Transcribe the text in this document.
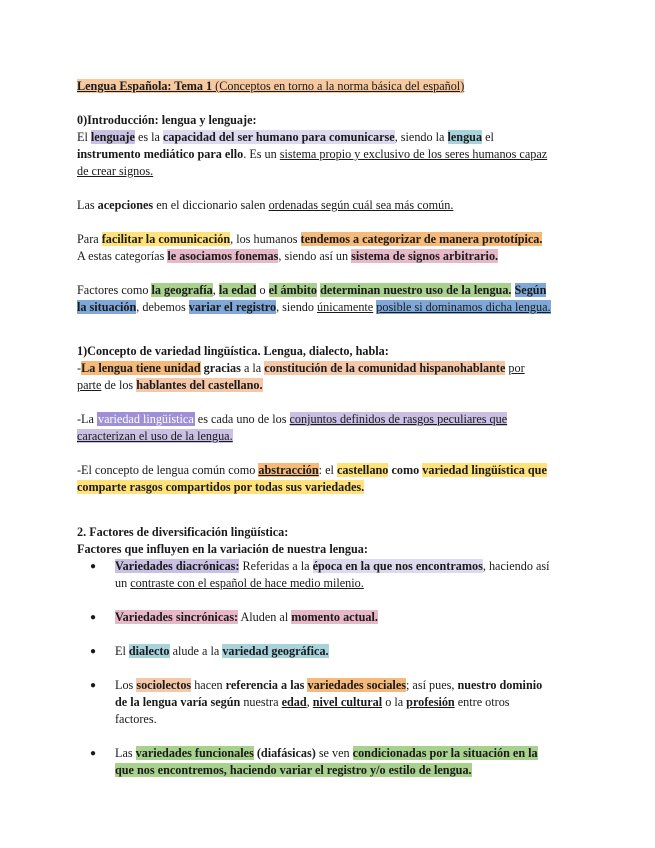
Lengua Española: Tema 1 (Conceptos en torno a la norma básica del español)

0)Introducción: lengua y lenguaje:

El lenguaje es la capacidad del ser humano para comunicarse, siendo la lengua el
instrumento mediático para ello. Es un sistema propio y exclusivo de los seres humanos capaz
de crear signos.

Las acepciones en el diccionario salen ordenadas según cuál sea más común.

Para facilitar la comunicación, los humanos tendemos a categorizar de manera prototípica.
A estas categorías le asociamos fonemas, siendo así un sistema de signos arbitrario.

Factores como la geografía, la edad o el ámbito determinan nuestro uso de la lengua. Según
la situación, debemos variar el registro, siendo únicamente posible si dominamos dicha lengua.

1)Concepto de variedad lingüística. Lengua, dialecto, habla:

-La lengua tiene unidad gracias a la constitución de la comunidad hispanohablante por
parte de los hablantes del castellano.

-La variedad lingüística es cada uno de los conjuntos definidos de rasgos peculiares que
caracterizan el uso de la lengua.

-El concepto de lengua común como abstracción: el castellano como variedad lingüística que
comparte rasgos compartidos por todas sus variedades.

2. Factores de diversificación lingüística:

Factores que influyen en la variación de nuestra lengua:

● Variedades diacrónicas: Referidas a la época en la que nos encontramos, haciendo así
un contraste con el español de hace medio milenio.
● Variedades sincrónicas: Aluden al momento actual.
● El dialecto alude a la variedad geográfica.
● Los sociolectos hacen referencia a las variedades sociales; así pues, nuestro dominio
de la lengua varía según nuestra edad, nivel cultural o la profesión entre otros
factores.
● Las variedades funcionales (diafásicas) se ven condicionadas por la situación en la
que nos encontremos, haciendo variar el registro y/o estilo de lengua.
